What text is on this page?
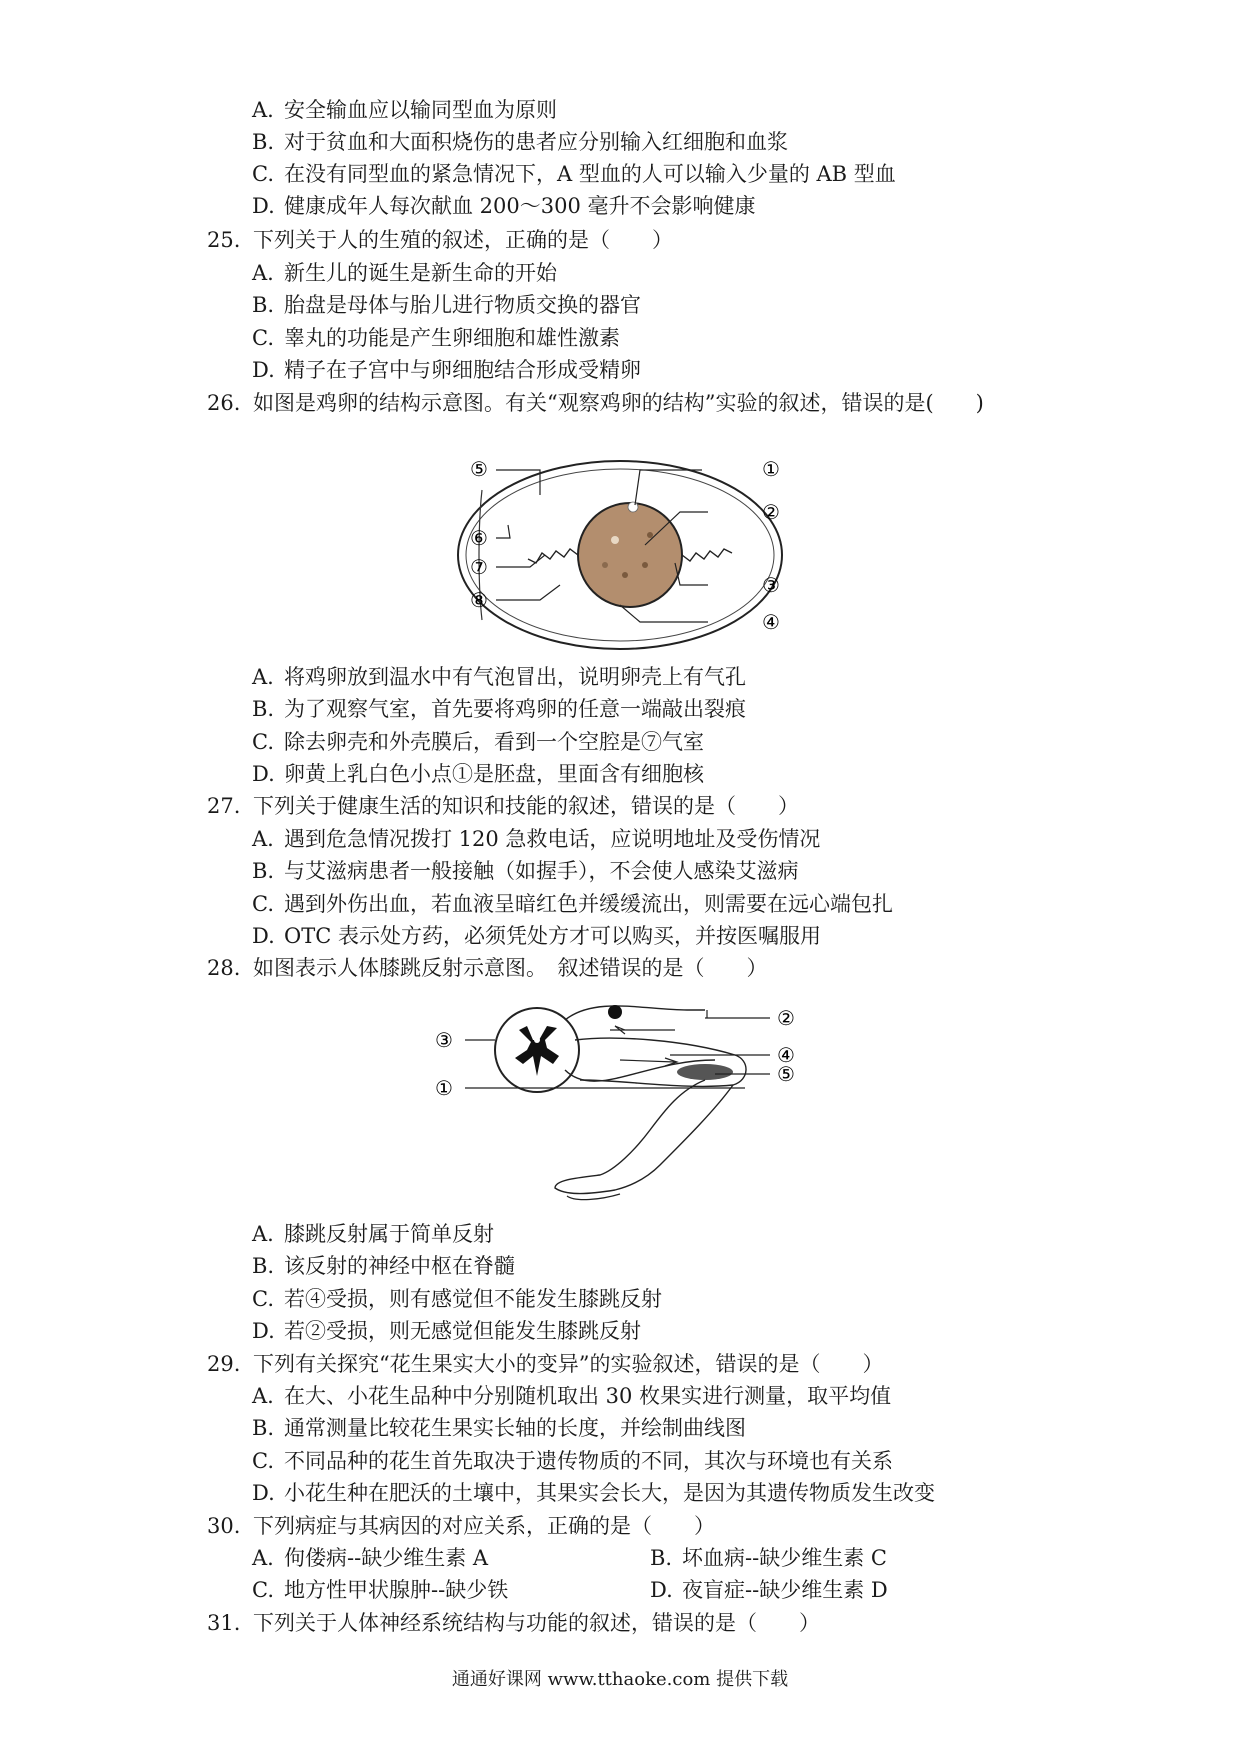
A. 安全输血应以输同型血为原则
B. 对于贫血和大面积烧伤的患者应分别输入红细胞和血浆
C. 在没有同型血的紧急情况下，A 型血的人可以输入少量的 AB 型血
D. 健康成年人每次献血 200～300 毫升不会影响健康
25. 下列关于人的生殖的叙述，正确的是（　　）
A. 新生儿的诞生是新生命的开始
B. 胎盘是母体与胎儿进行物质交换的器官
C. 睾丸的功能是产生卵细胞和雄性激素
D. 精子在子宫中与卵细胞结合形成受精卵
26. 如图是鸡卵的结构示意图。有关“观察鸡卵的结构”实验的叙述，错误的是(　　)
⑤
⑥
⑦
⑧
①
②
③
④
A. 将鸡卵放到温水中有气泡冒出，说明卵壳上有气孔
B. 为了观察气室，首先要将鸡卵的任意一端敲出裂痕
C. 除去卵壳和外壳膜后，看到一个空腔是⑦气室
D. 卵黄上乳白色小点①是胚盘，里面含有细胞核
27. 下列关于健康生活的知识和技能的叙述，错误的是（　　）
A. 遇到危急情况拨打 120 急救电话，应说明地址及受伤情况
B. 与艾滋病患者一般接触（如握手），不会使人感染艾滋病
C. 遇到外伤出血，若血液呈暗红色并缓缓流出，则需要在远心端包扎
D. OTC 表示处方药，必须凭处方才可以购买，并按医嘱服用
28. 如图表示人体膝跳反射示意图。　叙述错误的是（　　）
③
①
②
④
⑤
A. 膝跳反射属于简单反射
B. 该反射的神经中枢在脊髓
C. 若④受损，则有感觉但不能发生膝跳反射
D. 若②受损，则无感觉但能发生膝跳反射
29. 下列有关探究“花生果实大小的变异”的实验叙述，错误的是（　　）
A. 在大、小花生品种中分别随机取出 30 枚果实进行测量，取平均值
B. 通常测量比较花生果实长轴的长度，并绘制曲线图
C. 不同品种的花生首先取决于遗传物质的不同，其次与环境也有关系
D. 小花生种在肥沃的土壤中，其果实会长大，是因为其遗传物质发生改变
30. 下列病症与其病因的对应关系，正确的是（　　）
A. 佝偻病--缺少维生素 A	B. 坏血病--缺少维生素 C
C. 地方性甲状腺肿--缺少铁	D. 夜盲症--缺少维生素 D
31. 下列关于人体神经系统结构与功能的叙述，错误的是（　　）
通通好课网 www.tthaoke.com 提供下载
